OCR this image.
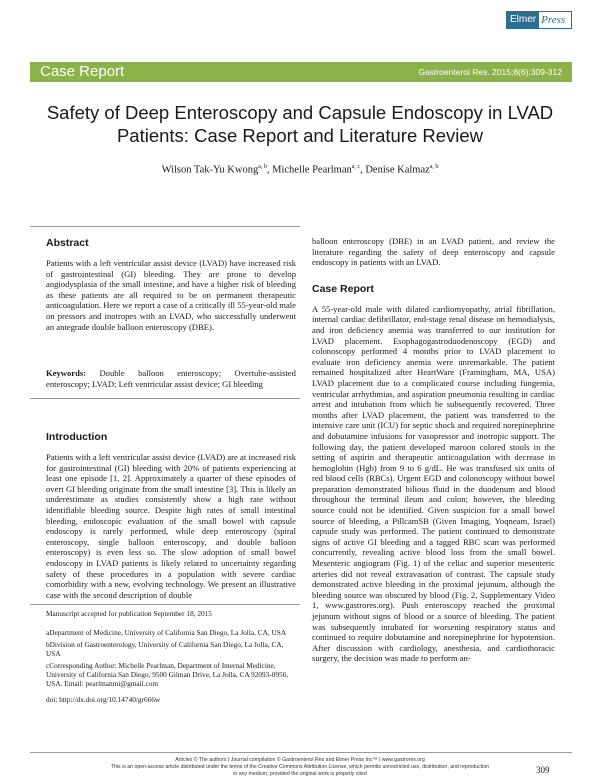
Elmer Press
Case Report	Gastroenterol Res. 2015;8(6):309-312
Safety of Deep Enteroscopy and Capsule Endoscopy in LVAD Patients: Case Report and Literature Review
Wilson Tak-Yu Kwong$^{a, b}$, Michelle Pearlman$^{a, c}$, Denise Kalmaz$^{a, b}$
Abstract

Patients with a left ventricular assist device (LVAD) have increased risk of gastrointestinal (GI) bleeding. They are prone to develop angiodysplasia of the small intestine, and have a higher risk of bleeding as these patients are all required to be on permanent therapeutic anticoagulation. Here we report a case of a critically ill 55-year-old male on pressors and inotropes with an LVAD, who successfully underwent an antegrade double balloon enteroscopy (DBE).

Keywords: Double balloon enteroscopy; Overtube-assisted enteroscopy; LVAD; Left ventricular assist device; GI bleeding
Introduction

Patients with a left ventricular assist device (LVAD) are at increased risk for gastrointestinal (GI) bleeding with 20% of patients experiencing at least one episode [1, 2]. Approximately a quarter of these episodes of overt GI bleeding originate from the small intestine [3]. This is likely an underestimate as studies consistently show a high rate without identifiable bleeding source. Despite high rates of small intestinal bleeding, endoscopic evaluation of the small bowel with capsule endoscopy is rarely performed, while deep enteroscopy (spiral enteroscopy, single balloon enteroscopy, and double balloon enteroscopy) is even less so. The slow adoption of small bowel endoscopy in LVAD patients is likely related to uncertainty regarding safety of these procedures in a population with severe cardiac comorbidity with a new, evolving technology. We present an illustrative case with the second description of double

Manuscript accepted for publication September 18, 2015

aDepartment of Medicine, University of California San Diego, La Jolla, CA, USA

bDivision of Gastroenterology, University of California San Diego, La Jolla, CA, USA

cCorresponding Author: Michelle Pearlman, Department of Internal Medicine, University of California San Diego, 9500 Gilman Drive, La Jolla, CA 92093-0956, USA. Email: pearlmanmi@gmail.com

doi: http://dx.doi.org/10.14740/gr666w

balloon enteroscopy (DBE) in an LVAD patient, and review the literature regarding the safety of deep enteroscopy and capsule endoscopy in patients with an LVAD.

Case Report

A 55-year-old male with dilated cardiomyopathy, atrial fibrillation, internal cardiac defibrillator, end-stage renal disease on hemodialysis, and iron deficiency anemia was transferred to our institution for LVAD placement. Esophagogastroduodenoscopy (EGD) and colonoscopy performed 4 months prior to LVAD placement to evaluate iron deficiency anemia were unremarkable. The patient remained hospitalized after HeartWare (Framingham, MA, USA) LVAD placement due to a complicated course including fungemia, ventricular arrhythmias, and aspiration pneumonia resulting in cardiac arrest and intubation from which he subsequently recovered. Three months after LVAD placement, the patient was transferred to the intensive care unit (ICU) for septic shock and required norepinephrine and dobutamine infusions for vasopressor and inotropic support. The following day, the patient developed maroon colored stools in the setting of aspirin and therapeutic anticoagulation with decrease in hemoglobin (Hgb) from 9 to 6 g/dL. He was transfused six units of red blood cells (RBCs). Urgent EGD and colonoscopy without bowel preparation demonstrated bilious fluid in the duodenum and blood throughout the terminal ileum and colon; however, the bleeding source could not be identified. Given suspicion for a small bowel source of bleeding, a PillcamSB (Given Imaging, Yoqneam, Israel) capsule study was performed. The patient continued to demonstrate signs of active GI bleeding and a tagged RBC scan was performed concurrently, revealing active blood loss from the small bowel. Mesenteric angiogram (Fig. 1) of the celiac and superior mesenteric arteries did not reveal extravasation of contrast. The capsule study demonstrated active bleeding in the proximal jejunum, although the bleeding source was obscured by blood (Fig. 2, Supplementary Video 1, www.gastrores.org). Push enteroscopy reached the proximal jejunum without signs of blood or a source of bleeding. The patient was subsequently intubated for worsening respiratory status and continued to require dobutamine and norepinephrine for hypotension. After discussion with cardiology, anesthesia, and cardiothoracic surgery, the decision was made to perform an-

Articles © The authors | Journal compilation © Gastroenterol Res and Elmer Press Inc™ | www.gastrores.org
This is an open-access article distributed under the terms of the Creative Commons Attribution License, which permits unrestricted use, distribution, and reproduction
in any medium, provided the original work is properly cited	309
